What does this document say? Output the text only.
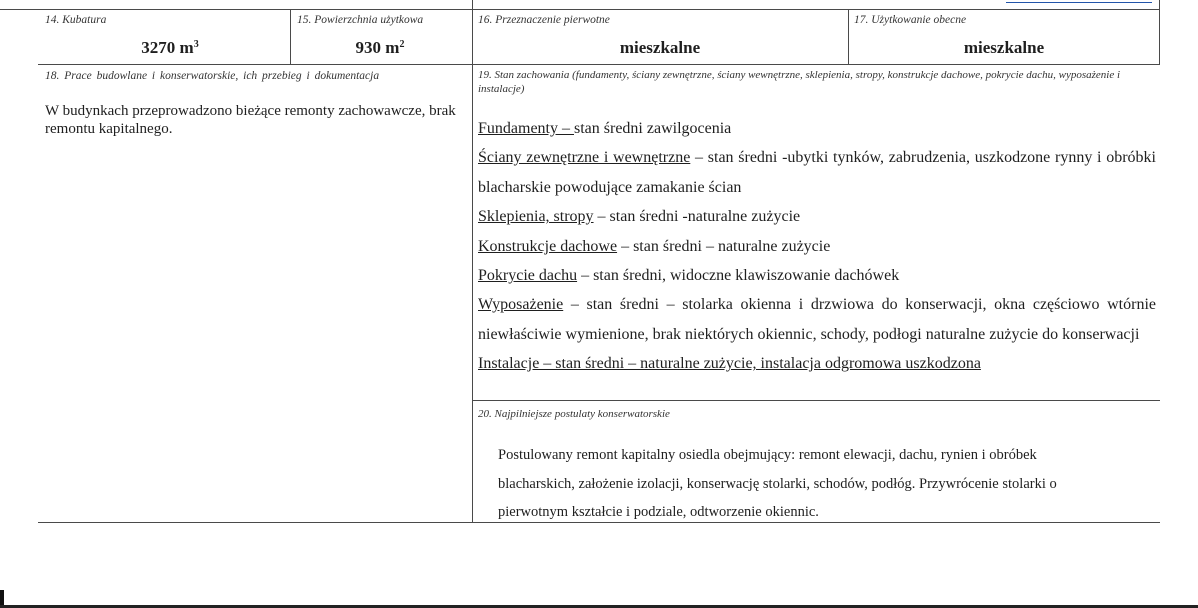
14. Kubatura
3270 $m^3$
15. Powierzchnia użytkowa
930 $m^2$
16. Przeznaczenie pierwotne
mieszkalne
17. Użytkowanie obecne
mieszkalne
18. Prace budowlane i konserwatorskie, ich przebieg i dokumentacja
W budynkach przeprowadzono bieżące remonty zachowawcze, brak remontu kapitalnego.
19. Stan zachowania (fundamenty, ściany zewnętrzne, ściany wewnętrzne, sklepienia, stropy, konstrukcje dachowe, pokrycie dachu, wyposażenie i instalacje)
Fundamenty – stan średni zawilgocenia
Ściany zewnętrzne i wewnętrzne – stan średni -ubytki tynków, zabrudzenia, uszkodzone rynny i obróbki blacharskie powodujące zamakanie ścian
Sklepienia, stropy – stan średni -naturalne zużycie
Konstrukcje dachowe – stan średni – naturalne zużycie
Pokrycie dachu – stan średni, widoczne klawiszowanie dachówek
Wyposażenie – stan średni – stolarka okienna i drzwiowa do konserwacji, okna częściowo wtórnie niewłaściwie wymienione, brak niektórych okiennic, schody, podłogi naturalne zużycie do konserwacji
Instalacje – stan średni – naturalne zużycie, instalacja odgromowa uszkodzona
20. Najpilniejsze postulaty konserwatorskie
Postulowany remont kapitalny osiedla obejmujący: remont elewacji, dachu, rynien i obróbek
blacharskich, założenie izolacji, konserwację stolarki, schodów, podłóg. Przywrócenie stolarki o
pierwotnym kształcie i podziale, odtworzenie okiennic.
